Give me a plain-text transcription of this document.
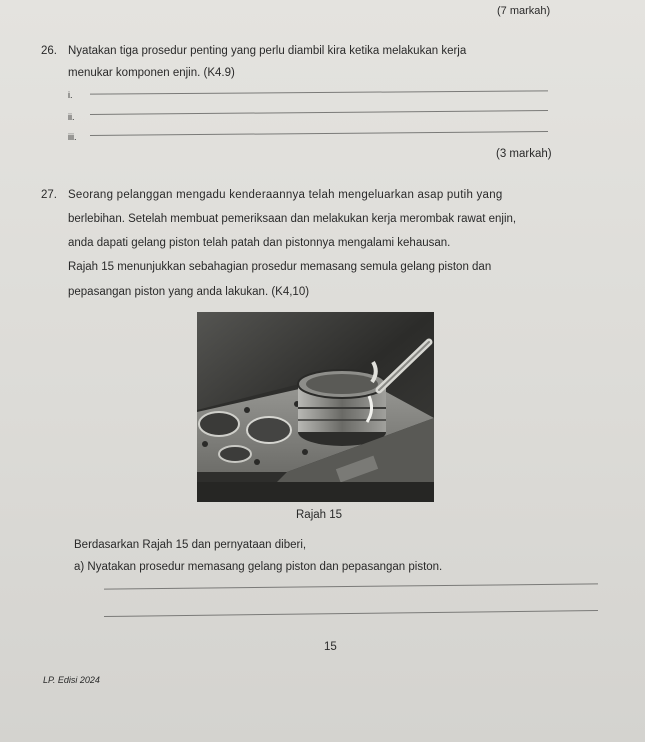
(7 markah)
26. Nyatakan tiga prosedur penting yang perlu diambil kira ketika melakukan kerja
menukar komponen enjin. (K4.9)
i.
ii.
iii.
(3 markah)
27. Seorang pelanggan mengadu kenderaannya telah mengeluarkan asap putih yang
berlebihan. Setelah membuat pemeriksaan dan melakukan kerja merombak rawat enjin,
anda dapati gelang piston telah patah dan pistonnya mengalami kehausan.
Rajah 15 menunjukkan sebahagian prosedur memasang semula gelang piston dan
pepasangan piston yang anda lakukan. (K4,10)
Rajah 15
Berdasarkan Rajah 15 dan pernyataan diberi,
a) Nyatakan prosedur memasang gelang piston dan pepasangan piston.
15
LP. Edisi 2024
